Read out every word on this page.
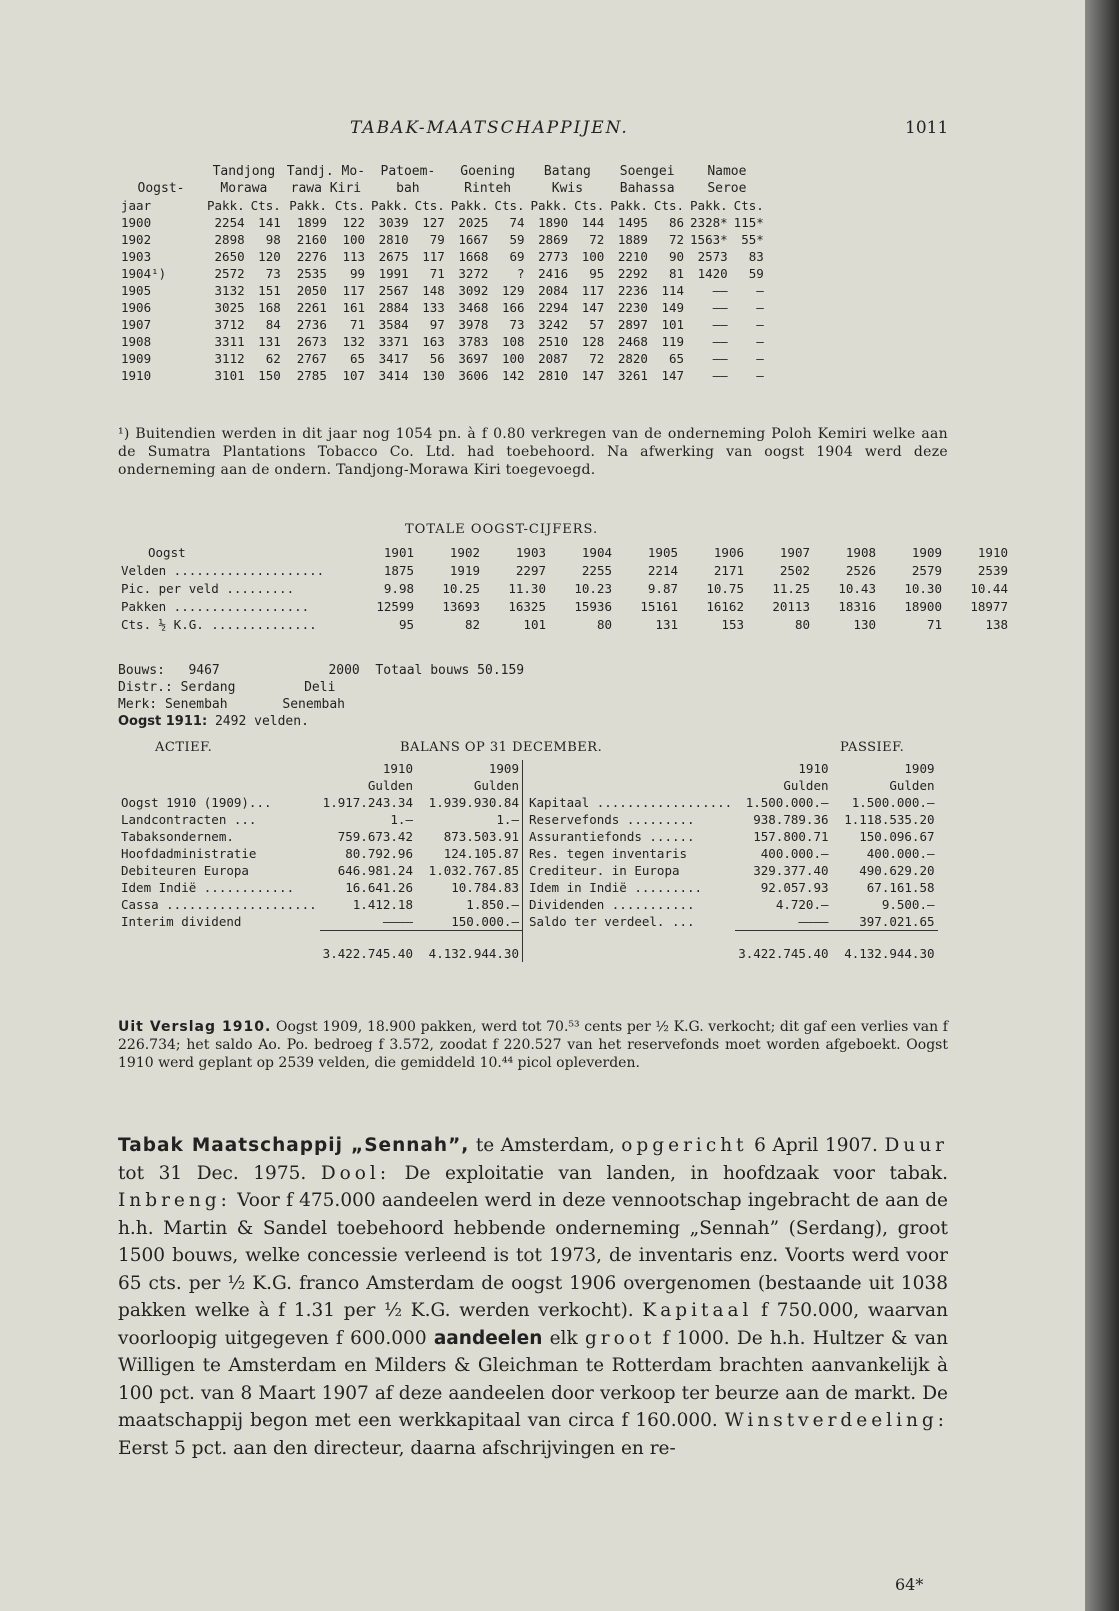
TABAK-MAATSCHAPPIJEN.	1011
	Tandjong		Tandj. Mo-		Patoem-		Goening		Batang		Soengei		Namoe	
Oogst-	Morawa		rawa Kiri		bah		Rinteh		Kwis		Bahassa		Seroe	
jaar	Pakk.	Cts.	Pakk.	Cts.	Pakk.	Cts.	Pakk.	Cts.	Pakk.	Cts.	Pakk.	Cts.	Pakk.	Cts.
1900	2254	141	1899	122	3039	127	2025	74	1890	144	1495	86	2328*	115*
1902	2898	98	2160	100	2810	79	1667	59	2869	72	1889	72	1563*	55*
1903	2650	120	2276	113	2675	117	1668	69	2773	100	2210	90	2573	83
1904¹)	2572	73	2535	99	1991	71	3272	?	2416	95	2292	81	1420	59
1905	3132	151	2050	117	2567	148	3092	129	2084	117	2236	114	——	—
1906	3025	168	2261	161	2884	133	3468	166	2294	147	2230	149	——	—
1907	3712	84	2736	71	3584	97	3978	73	3242	57	2897	101	——	—
1908	3311	131	2673	132	3371	163	3783	108	2510	128	2468	119	——	—
1909	3112	62	2767	65	3417	56	3697	100	2087	72	2820	65	——	—
1910	3101	150	2785	107	3414	130	3606	142	2810	147	3261	147	——	—
¹) Buitendien werden in dit jaar nog 1054 pn. à f 0.80 verkregen van de onderneming Poloh Kemiri welke aan de Sumatra Plantations Tobacco Co. Ltd. had toebehoord. Na afwerking van oogst 1904 werd deze onderneming aan de ondern. Tandjong-Morawa Kiri toegevoegd.
TOTALE OOGST-CIJFERS.
Oogst	1901	1902	1903	1904	1905	1906	1907	1908	1909	1910
Velden ....................	1875	1919	2297	2255	2214	2171	2502	2526	2579	2539
Pic. per veld .........	9.98	10.25	11.30	10.23	9.87	10.75	11.25	10.43	10.30	10.44
Pakken ..................	12599	13693	16325	15936	15161	16162	20113	18316	18900	18977
Cts. ½ K.G. ..............	95	82	101	80	131	153	80	130	71	138
Bouws: 9467	2000 Totaal bouws 50.159
Distr.: Serdang	Deli
Merk: Senembah	Senembah
Oogst 1911: 2492 velden.
ACTIEF.	BALANS OP 31 DECEMBER.	PASSIEF.
	1910	1909		1910	1909
	Gulden	Gulden		Gulden	Gulden
Oogst 1910 (1909)...	1.917.243.34	1.939.930.84	Kapitaal ..................	1.500.000.—	1.500.000.—
Landcontracten ...	1.—	1.—	Reservefonds .........	938.789.36	1.118.535.20
Tabaksondernem.	759.673.42	873.503.91	Assurantiefonds ......	157.800.71	150.096.67
Hoofdadministratie	80.792.96	124.105.87	Res. tegen inventaris	400.000.—	400.000.—
Debiteuren Europa	646.981.24	1.032.767.85	Crediteur. in Europa	329.377.40	490.629.20
Idem Indië ............	16.641.26	10.784.83	Idem in Indië .........	92.057.93	67.161.58
Cassa ....................	1.412.18	1.850.—	Dividenden ...........	4.720.—	9.500.—
Interim dividend	————	150.000.—	Saldo ter verdeel. ...	————	397.021.65
	3.422.745.40	4.132.944.30		3.422.745.40	4.132.944.30
Uit Verslag 1910. Oogst 1909, 18.900 pakken, werd tot 70.⁵³ cents per ½ K.G. verkocht; dit gaf een verlies van f 226.734; het saldo Ao. Po. bedroeg f 3.572, zoodat f 220.527 van het reservefonds moet worden afgeboekt. Oogst 1910 werd geplant op 2539 velden, die gemiddeld 10.⁴⁴ picol opleverden.
Tabak Maatschappij „Sennah”, te Amsterdam, opgericht 6 April 1907. Duur tot 31 Dec. 1975. Dool: De exploitatie van landen, in hoofdzaak voor tabak. Inbreng: Voor f 475.000 aandeelen werd in deze vennootschap ingebracht de aan de h.h. Martin & Sandel toebehoord hebbende onderneming „Sennah” (Serdang), groot 1500 bouws, welke concessie verleend is tot 1973, de inventaris enz. Voorts werd voor 65 cts. per ½ K.G. franco Amsterdam de oogst 1906 overgenomen (bestaande uit 1038 pakken welke à f 1.31 per ½ K.G. werden verkocht). Kapitaal f 750.000, waarvan voorloopig uitgegeven f 600.000 aandeelen elk groot f 1000. De h.h. Hultzer & van Willigen te Amsterdam en Milders & Gleichman te Rotterdam brachten aanvankelijk à 100 pct. van 8 Maart 1907 af deze aandeelen door verkoop ter beurze aan de markt. De maatschappij begon met een werkkapitaal van circa f 160.000. Winstverdeeling: Eerst 5 pct. aan den directeur, daarna afschrijvingen en re-
64*
